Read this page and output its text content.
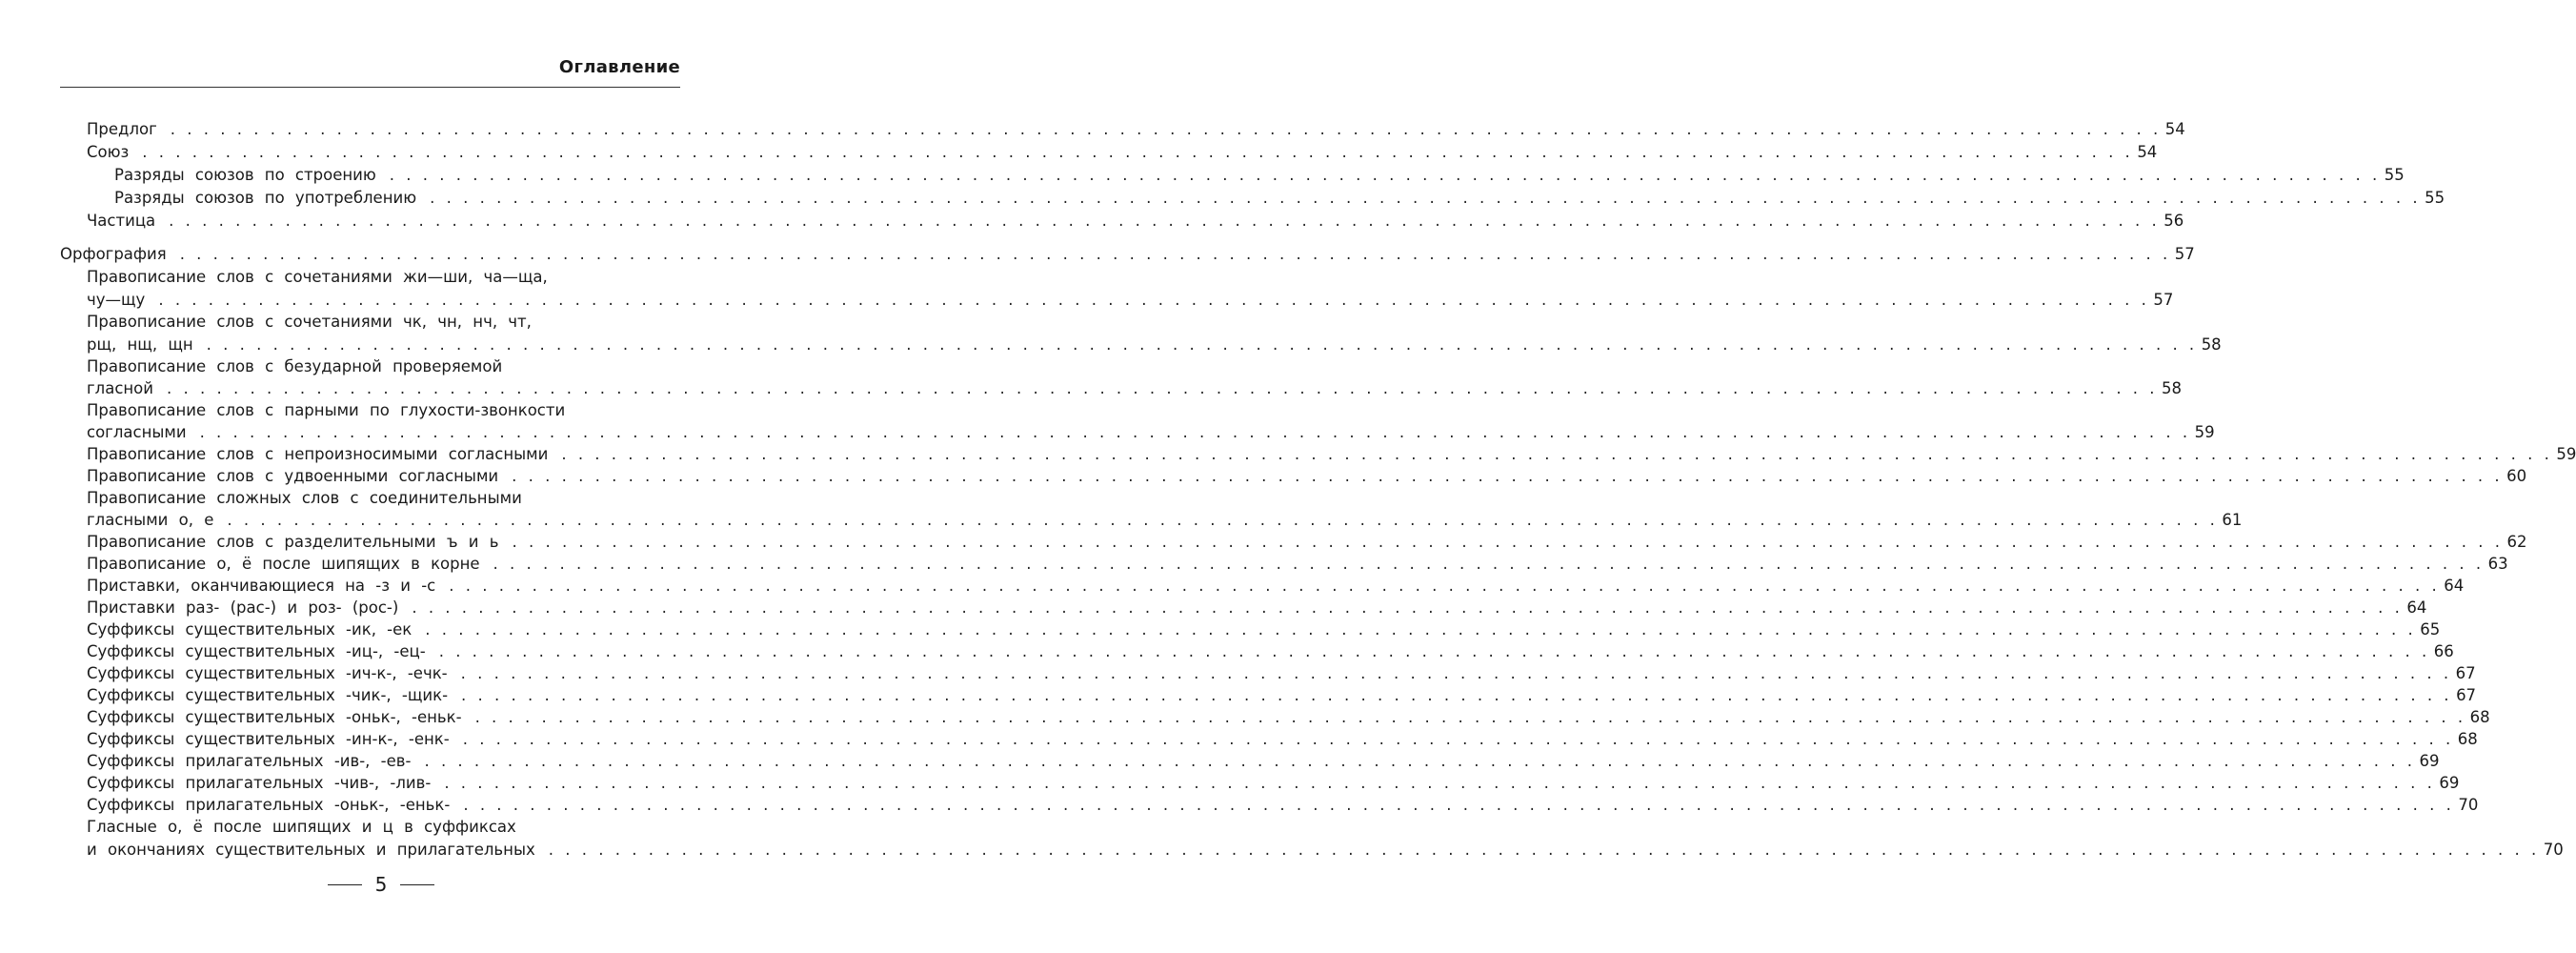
Оглавление
Предлог . . . . . . . . . . . . . . . . . . . . . . . . . . . . . . . . . . . . . . . . . . . . . . . . . . . . . . . . . . . . . . . . . . . . . . . . . . . . . . . . . . . . . . . . . . . . . . . . . . . . . . . . . . . . . . . . . . . . . . . . 54
Союз . . . . . . . . . . . . . . . . . . . . . . . . . . . . . . . . . . . . . . . . . . . . . . . . . . . . . . . . . . . . . . . . . . . . . . . . . . . . . . . . . . . . . . . . . . . . . . . . . . . . . . . . . . . . . . . . . . . . . . . . 54
Разряды союзов по строению . . . . . . . . . . . . . . . . . . . . . . . . . . . . . . . . . . . . . . . . . . . . . . . . . . . . . . . . . . . . . . . . . . . . . . . . . . . . . . . . . . . . . . . . . . . . . . . . . . . . . . . . . . . . . . . . . . . . . . . . 55
Разряды союзов по употреблению . . . . . . . . . . . . . . . . . . . . . . . . . . . . . . . . . . . . . . . . . . . . . . . . . . . . . . . . . . . . . . . . . . . . . . . . . . . . . . . . . . . . . . . . . . . . . . . . . . . . . . . . . . . . . . . . . . . . . . . . 55
Частица . . . . . . . . . . . . . . . . . . . . . . . . . . . . . . . . . . . . . . . . . . . . . . . . . . . . . . . . . . . . . . . . . . . . . . . . . . . . . . . . . . . . . . . . . . . . . . . . . . . . . . . . . . . . . . . . . . . . . . . . 56
Орфография . . . . . . . . . . . . . . . . . . . . . . . . . . . . . . . . . . . . . . . . . . . . . . . . . . . . . . . . . . . . . . . . . . . . . . . . . . . . . . . . . . . . . . . . . . . . . . . . . . . . . . . . . . . . . . . . . . . . . . . . 57
Правописание слов с сочетаниями жи—ши, ча—ща,
чу—щу . . . . . . . . . . . . . . . . . . . . . . . . . . . . . . . . . . . . . . . . . . . . . . . . . . . . . . . . . . . . . . . . . . . . . . . . . . . . . . . . . . . . . . . . . . . . . . . . . . . . . . . . . . . . . . . . . . . . . . . . 57
Правописание слов с сочетаниями чк, чн, нч, чт,
рщ, нщ, щн . . . . . . . . . . . . . . . . . . . . . . . . . . . . . . . . . . . . . . . . . . . . . . . . . . . . . . . . . . . . . . . . . . . . . . . . . . . . . . . . . . . . . . . . . . . . . . . . . . . . . . . . . . . . . . . . . . . . . . . . 58
Правописание слов с безударной проверяемой
гласной . . . . . . . . . . . . . . . . . . . . . . . . . . . . . . . . . . . . . . . . . . . . . . . . . . . . . . . . . . . . . . . . . . . . . . . . . . . . . . . . . . . . . . . . . . . . . . . . . . . . . . . . . . . . . . . . . . . . . . . . 58
Правописание слов с парными по глухости-звонкости
согласными . . . . . . . . . . . . . . . . . . . . . . . . . . . . . . . . . . . . . . . . . . . . . . . . . . . . . . . . . . . . . . . . . . . . . . . . . . . . . . . . . . . . . . . . . . . . . . . . . . . . . . . . . . . . . . . . . . . . . . . . 59
Правописание слов с непроизносимыми согласными . . . . . . . . . . . . . . . . . . . . . . . . . . . . . . . . . . . . . . . . . . . . . . . . . . . . . . . . . . . . . . . . . . . . . . . . . . . . . . . . . . . . . . . . . . . . . . . . . . . . . . . . . . . . . . . . . . . . . . . . 59
Правописание слов с удвоенными согласными . . . . . . . . . . . . . . . . . . . . . . . . . . . . . . . . . . . . . . . . . . . . . . . . . . . . . . . . . . . . . . . . . . . . . . . . . . . . . . . . . . . . . . . . . . . . . . . . . . . . . . . . . . . . . . . . . . . . . . . . 60
Правописание сложных слов с соединительными
гласными о, е . . . . . . . . . . . . . . . . . . . . . . . . . . . . . . . . . . . . . . . . . . . . . . . . . . . . . . . . . . . . . . . . . . . . . . . . . . . . . . . . . . . . . . . . . . . . . . . . . . . . . . . . . . . . . . . . . . . . . . . . 61
Правописание слов с разделительными ъ и ь . . . . . . . . . . . . . . . . . . . . . . . . . . . . . . . . . . . . . . . . . . . . . . . . . . . . . . . . . . . . . . . . . . . . . . . . . . . . . . . . . . . . . . . . . . . . . . . . . . . . . . . . . . . . . . . . . . . . . . . . 62
Правописание о, ё после шипящих в корне . . . . . . . . . . . . . . . . . . . . . . . . . . . . . . . . . . . . . . . . . . . . . . . . . . . . . . . . . . . . . . . . . . . . . . . . . . . . . . . . . . . . . . . . . . . . . . . . . . . . . . . . . . . . . . . . . . . . . . . . 63
Приставки, оканчивающиеся на -з и -с . . . . . . . . . . . . . . . . . . . . . . . . . . . . . . . . . . . . . . . . . . . . . . . . . . . . . . . . . . . . . . . . . . . . . . . . . . . . . . . . . . . . . . . . . . . . . . . . . . . . . . . . . . . . . . . . . . . . . . . . 64
Приставки раз- (рас-) и роз- (рос-) . . . . . . . . . . . . . . . . . . . . . . . . . . . . . . . . . . . . . . . . . . . . . . . . . . . . . . . . . . . . . . . . . . . . . . . . . . . . . . . . . . . . . . . . . . . . . . . . . . . . . . . . . . . . . . . . . . . . . . . . 64
Суффиксы существительных -ик, -ек . . . . . . . . . . . . . . . . . . . . . . . . . . . . . . . . . . . . . . . . . . . . . . . . . . . . . . . . . . . . . . . . . . . . . . . . . . . . . . . . . . . . . . . . . . . . . . . . . . . . . . . . . . . . . . . . . . . . . . . . 65
Суффиксы существительных -иц-, -ец- . . . . . . . . . . . . . . . . . . . . . . . . . . . . . . . . . . . . . . . . . . . . . . . . . . . . . . . . . . . . . . . . . . . . . . . . . . . . . . . . . . . . . . . . . . . . . . . . . . . . . . . . . . . . . . . . . . . . . . . . 66
Суффиксы существительных -ич-к-, -ечк- . . . . . . . . . . . . . . . . . . . . . . . . . . . . . . . . . . . . . . . . . . . . . . . . . . . . . . . . . . . . . . . . . . . . . . . . . . . . . . . . . . . . . . . . . . . . . . . . . . . . . . . . . . . . . . . . . . . . . . . . 67
Суффиксы существительных -чик-, -щик- . . . . . . . . . . . . . . . . . . . . . . . . . . . . . . . . . . . . . . . . . . . . . . . . . . . . . . . . . . . . . . . . . . . . . . . . . . . . . . . . . . . . . . . . . . . . . . . . . . . . . . . . . . . . . . . . . . . . . . . . 67
Суффиксы существительных -оньк-, -еньк- . . . . . . . . . . . . . . . . . . . . . . . . . . . . . . . . . . . . . . . . . . . . . . . . . . . . . . . . . . . . . . . . . . . . . . . . . . . . . . . . . . . . . . . . . . . . . . . . . . . . . . . . . . . . . . . . . . . . . . . . 68
Суффиксы существительных -ин-к-, -енк- . . . . . . . . . . . . . . . . . . . . . . . . . . . . . . . . . . . . . . . . . . . . . . . . . . . . . . . . . . . . . . . . . . . . . . . . . . . . . . . . . . . . . . . . . . . . . . . . . . . . . . . . . . . . . . . . . . . . . . . . 68
Суффиксы прилагательных -ив-, -ев- . . . . . . . . . . . . . . . . . . . . . . . . . . . . . . . . . . . . . . . . . . . . . . . . . . . . . . . . . . . . . . . . . . . . . . . . . . . . . . . . . . . . . . . . . . . . . . . . . . . . . . . . . . . . . . . . . . . . . . . . 69
Суффиксы прилагательных -чив-, -лив- . . . . . . . . . . . . . . . . . . . . . . . . . . . . . . . . . . . . . . . . . . . . . . . . . . . . . . . . . . . . . . . . . . . . . . . . . . . . . . . . . . . . . . . . . . . . . . . . . . . . . . . . . . . . . . . . . . . . . . . . 69
Суффиксы прилагательных -оньк-, -еньк- . . . . . . . . . . . . . . . . . . . . . . . . . . . . . . . . . . . . . . . . . . . . . . . . . . . . . . . . . . . . . . . . . . . . . . . . . . . . . . . . . . . . . . . . . . . . . . . . . . . . . . . . . . . . . . . . . . . . . . . . 70
Гласные о, ё после шипящих и ц в суффиксах
и окончаниях существительных и прилагательных . . . . . . . . . . . . . . . . . . . . . . . . . . . . . . . . . . . . . . . . . . . . . . . . . . . . . . . . . . . . . . . . . . . . . . . . . . . . . . . . . . . . . . . . . . . . . . . . . . . . . . . . . . . . . . . . . . . . . . . . 70
5
